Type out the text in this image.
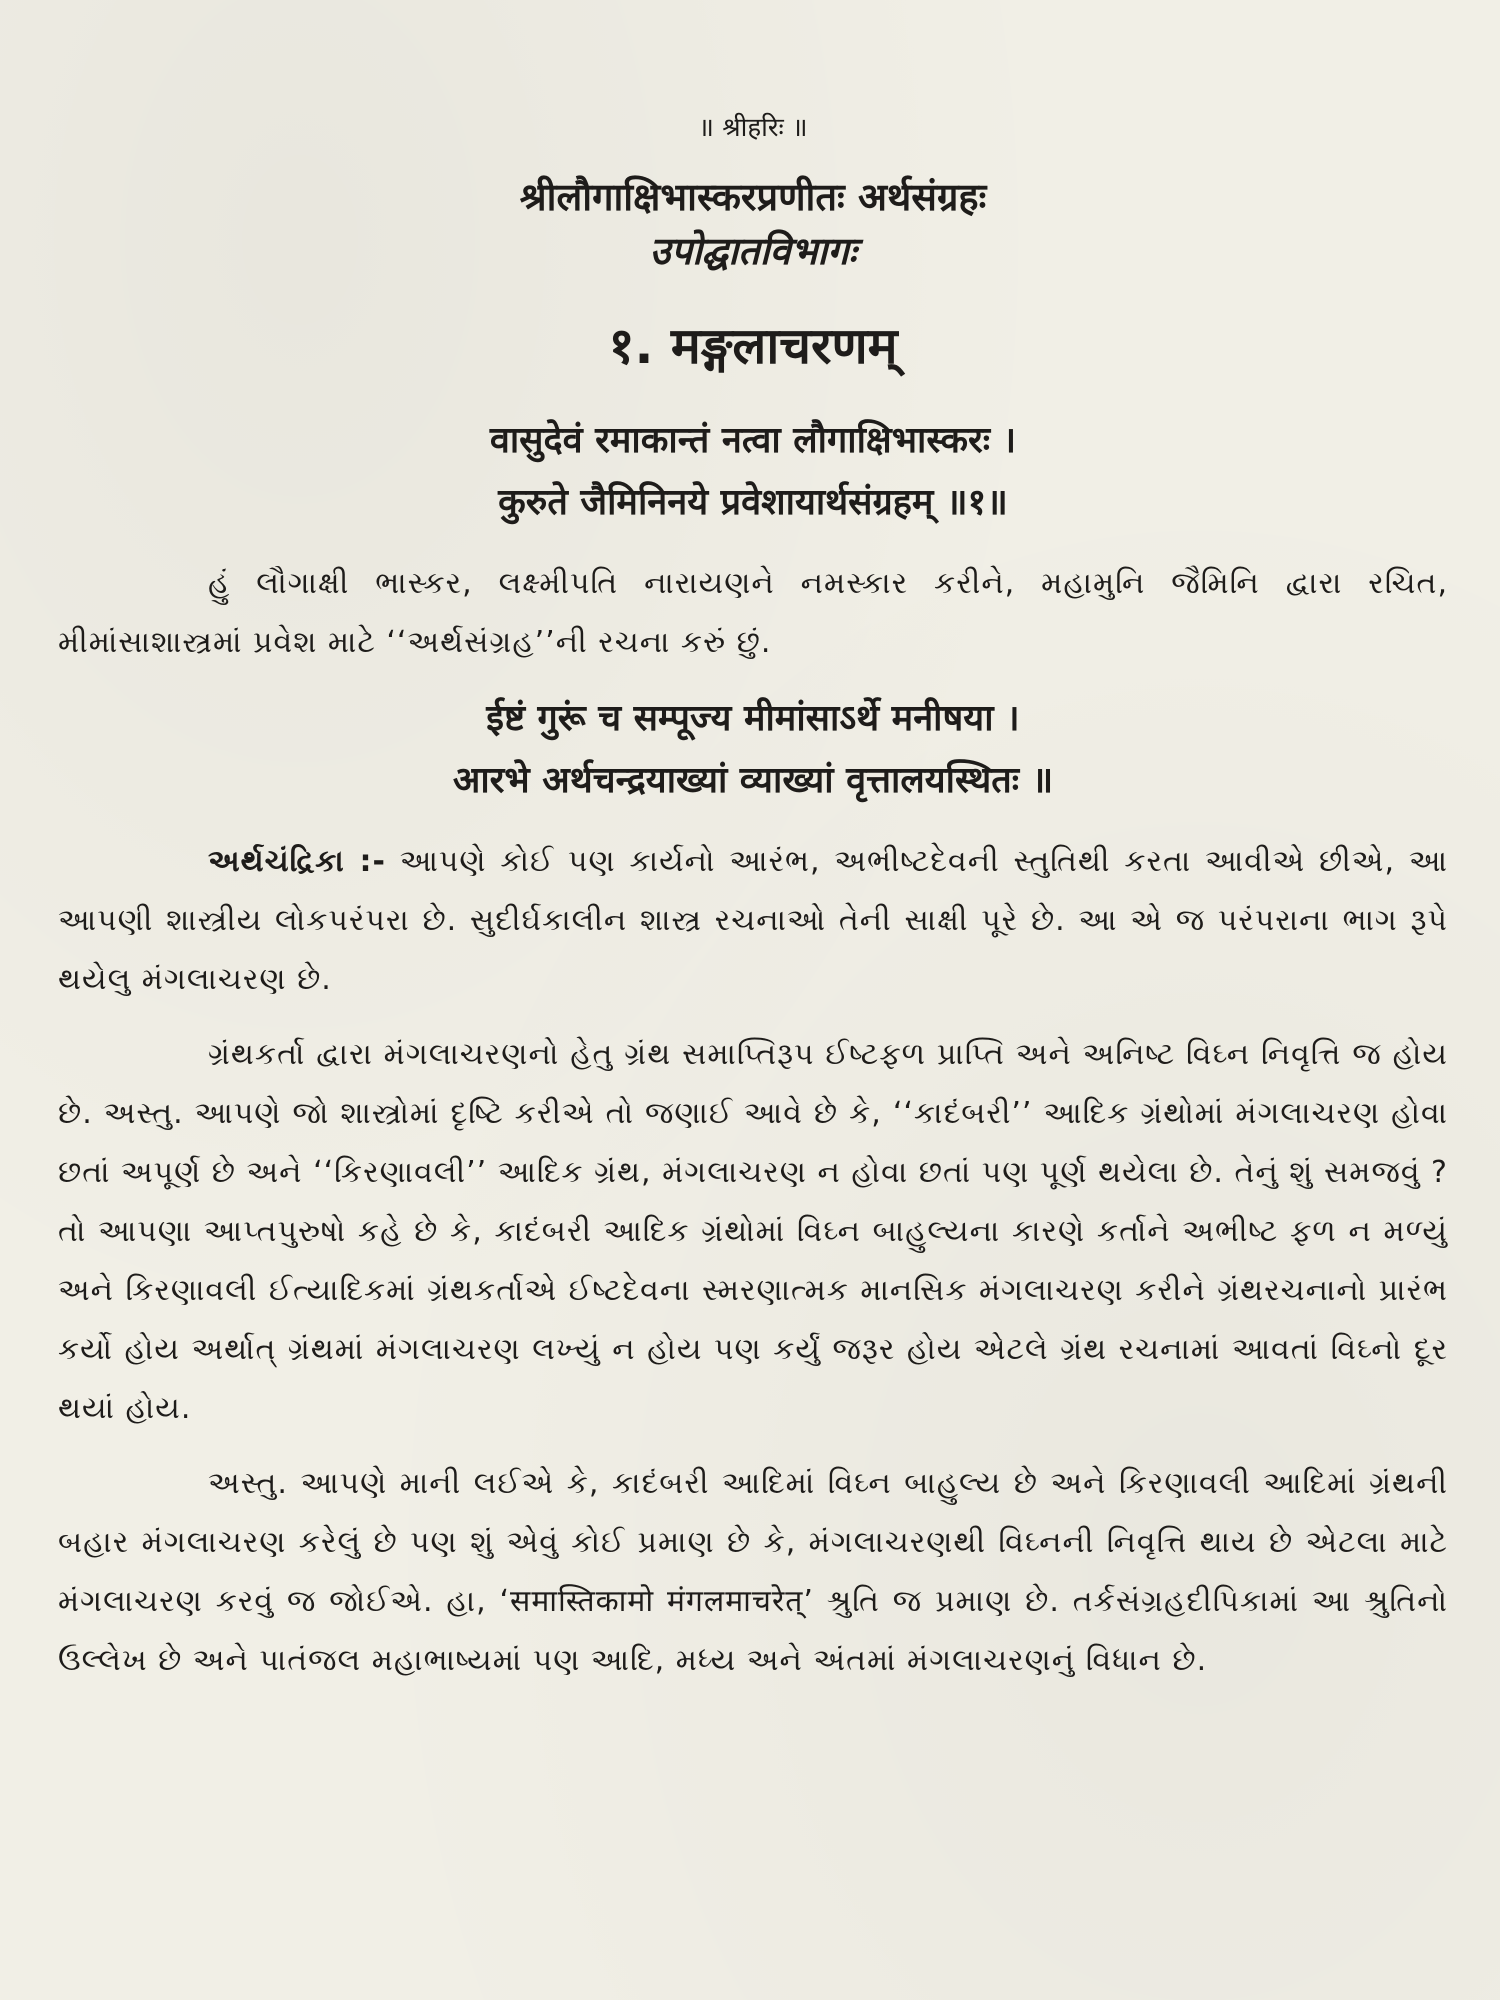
॥ श्रीहरिः ॥
श्रीलौगाक्षिभास्करप्रणीतः अर्थसंग्रहः
उपोद्घातविभागः
१. मङ्गलाचरणम्
वासुदेवं रमाकान्तं नत्वा लौगाक्षिभास्करः ।
कुरुते जैमिनिनये प्रवेशायार्थसंग्रहम् ॥१॥

હું લૌગાક્ષી ભાસ્કર, લક્ષ્મીપતિ નારાયણને નમસ્કાર કરીને, મહામુનિ જૈમિનિ દ્વારા રચિત, મીમાંસાશાસ્ત્રમાં પ્રવેશ માટે ‘‘અર્થસંગ્રહ’’ની રચના કરું છું.

ईष्टं गुरूं च सम्पूज्य मीमांसाऽर्थे मनीषया ।
आरभे अर्थचन्द्रयाख्यां व्याख्यां वृत्तालयस्थितः ॥

અર્થચંદ્રિકા :- આપણે કોઈ પણ કાર્યનો આરંભ, અભીષ્ટદેવની સ્તુતિથી કરતા આવીએ છીએ, આ આપણી શાસ્ત્રીય લોકપરંપરા છે. સુદીર્ઘકાલીન શાસ્ત્ર રચનાઓ તેની સાક્ષી પૂરે છે. આ એ જ પરંપરાના ભાગ રૂપે થયેલુ મંગલાચરણ છે.

ગ્રંથકર્તા દ્વારા મંગલાચરણનો હેતુ ગ્રંથ સમાપ્તિરૂપ ઈષ્ટફળ પ્રાપ્તિ અને અનિષ્ટ વિઘ્ન નિવૃત્તિ જ હોય છે. અસ્તુ. આપણે જો શાસ્ત્રોમાં દૃષ્ટિ કરીએ તો જણાઈ આવે છે કે, ‘‘કાદંબરી’’ આદિક ગ્રંથોમાં મંગલાચરણ હોવા છતાં અપૂર્ણ છે અને ‘‘કિરણાવલી’’ આદિક ગ્રંથ, મંગલાચરણ ન હોવા છતાં પણ પૂર્ણ થયેલા છે. તેનું શું સમજવું ? તો આપણા આપ્તપુરુષો કહે છે કે, કાદંબરી આદિક ગ્રંથોમાં વિઘ્ન બાહુલ્યના કારણે કર્તાને અભીષ્ટ ફળ ન મળ્યું અને કિરણાવલી ઈત્યાદિકમાં ગ્રંથકર્તાએ ઈષ્ટદેવના સ્મરણાત્મક માનસિક મંગલાચરણ કરીને ગ્રંથરચનાનો પ્રારંભ કર્યો હોય અર્થાત્ ગ્રંથમાં મંગલાચરણ લખ્યું ન હોય પણ કર્યું જરૂર હોય એટલે ગ્રંથ રચનામાં આવતાં વિઘ્નો દૂર થયાં હોય.

અસ્તુ. આપણે માની લઈએ કે, કાદંબરી આદિમાં વિઘ્ન બાહુલ્ય છે અને કિરણાવલી આદિમાં ગ્રંથની બહાર મંગલાચરણ કરેલું છે પણ શું એવું કોઈ પ્રમાણ છે કે, મંગલાચરણથી વિઘ્નની નિવૃત્તિ થાય છે એટલા માટે મંગલાચરણ કરવું જ જોઈએ. હા, ‘समास्तिकामो मंगलमाचरेत्’ શ્રુતિ જ પ્રમાણ છે. તર્કસંગ્રહદીપિકામાં આ શ્રુતિનો ઉલ્લેખ છે અને પાતંજલ મહાભાષ્યમાં પણ આદિ, મધ્ય અને અંતમાં મંગલાચરણનું વિધાન છે.
